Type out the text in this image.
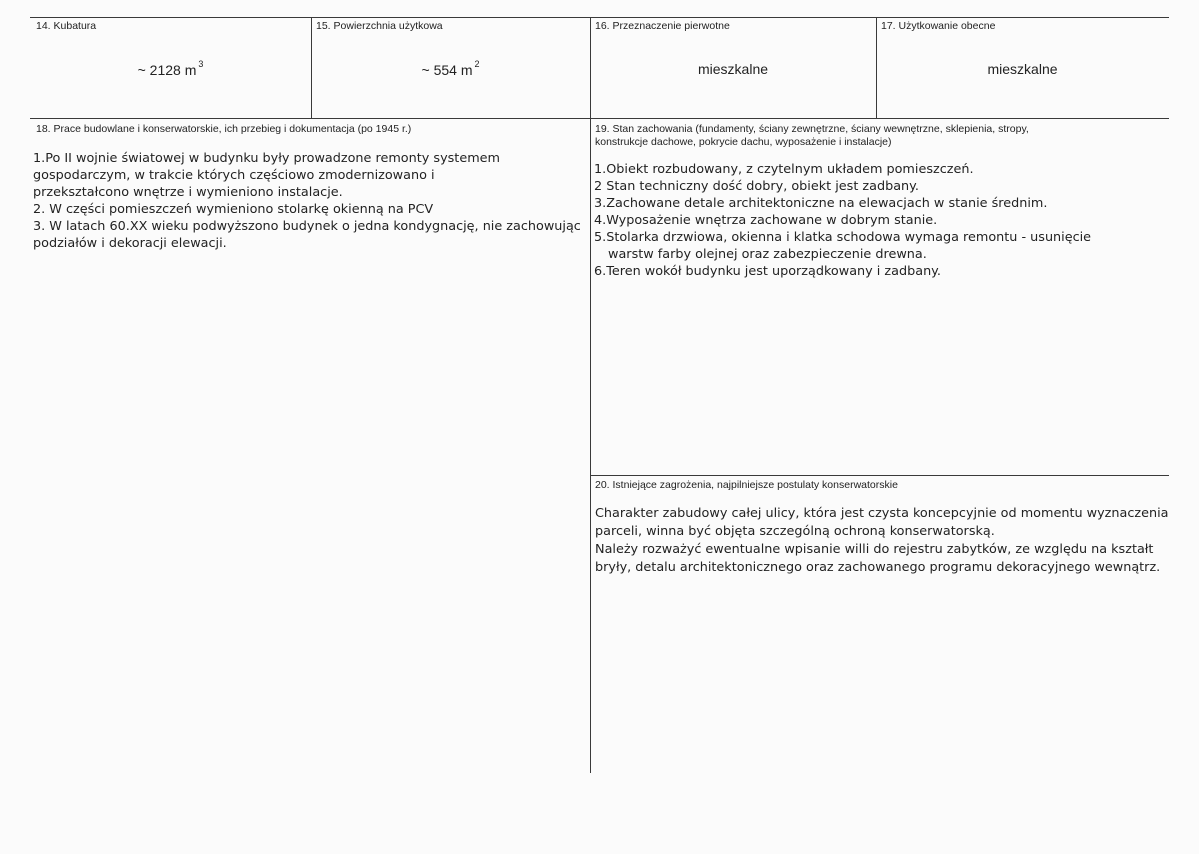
14. Kubatura
~ 2128 m $^3$
15. Powierzchnia użytkowa
~ 554 m $^2$
16. Przeznaczenie pierwotne
mieszkalne
17. Użytkowanie obecne
mieszkalne
18. Prace budowlane i konserwatorskie, ich przebieg i dokumentacja (po 1945 r.)
1.Po II wojnie światowej w budynku były prowadzone remonty systemem
gospodarczym, w trakcie których częściowo zmodernizowano i
przekształcono wnętrze i wymieniono instalacje.
2. W części pomieszczeń wymieniono stolarkę okienną na PCV
3. W latach 60.XX wieku podwyższono budynek o jedna kondygnację, nie zachowując
podziałów i dekoracji elewacji.
19. Stan zachowania (fundamenty, ściany zewnętrzne, ściany wewnętrzne, sklepienia, stropy,
konstrukcje dachowe, pokrycie dachu, wyposażenie i instalacje)
1.Obiekt rozbudowany, z czytelnym układem pomieszczeń.
2 Stan techniczny dość dobry, obiekt jest zadbany.
3.Zachowane detale architektoniczne na elewacjach w stanie średnim.
4.Wyposażenie wnętrza zachowane w dobrym stanie.
5.Stolarka drzwiowa, okienna i klatka schodowa wymaga remontu - usunięcie
warstw farby olejnej oraz zabezpieczenie drewna.
6.Teren wokół budynku jest uporządkowany i zadbany.
20. Istniejące zagrożenia, najpilniejsze postulaty konserwatorskie
Charakter zabudowy całej ulicy, która jest czysta koncepcyjnie od momentu wyznaczenia
parceli, winna być objęta szczególną ochroną konserwatorską.
Należy rozważyć ewentualne wpisanie willi do rejestru zabytków, ze względu na kształt
bryły, detalu architektonicznego oraz zachowanego programu dekoracyjnego wewnątrz.
